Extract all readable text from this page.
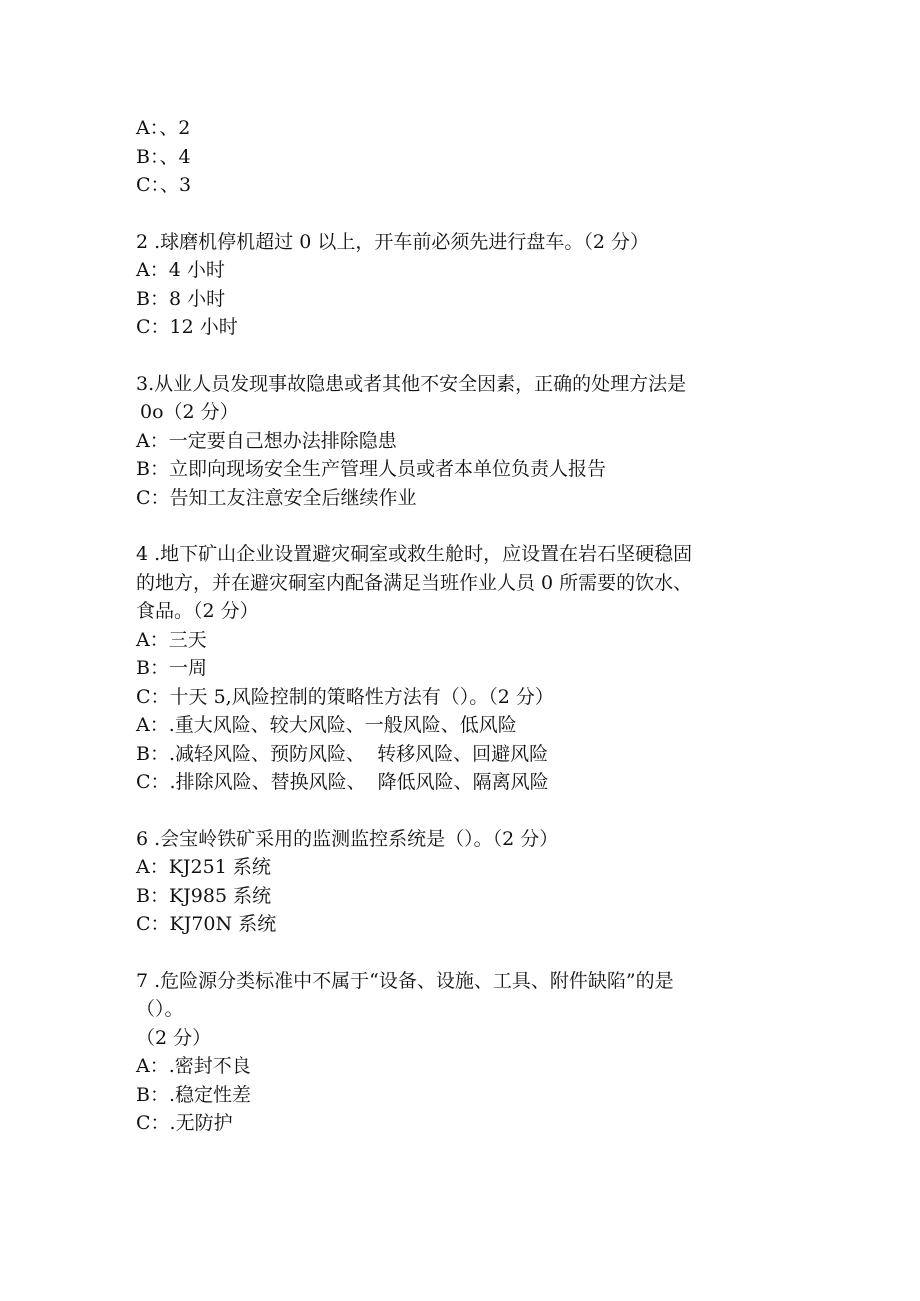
A：、2
B：、4
C：、3
2 .球磨机停机超过 0 以上，开车前必须先进行盘车。（2 分）
A：4 小时
B：8 小时
C：12 小时
3.从业人员发现事故隐患或者其他不安全因素，正确的处理方法是
0o（2 分）
A：一定要自己想办法排除隐患
B：立即向现场安全生产管理人员或者本单位负责人报告
C：告知工友注意安全后继续作业
4 .地下矿山企业设置避灾硐室或救生舱时，应设置在岩石坚硬稳固
的地方，并在避灾硐室内配备满足当班作业人员 0 所需要的饮水、
食品。（2 分）
A：三天
B：一周
C：十天 5,风险控制的策略性方法有（）。（2 分）
A：.重大风险、较大风险、一般风险、低风险
B：.减轻风险、预防风险、  转移风险、回避风险
C：.排除风险、替换风险、  降低风险、隔离风险
6 .会宝岭铁矿采用的监测监控系统是（）。（2 分）
A：KJ251 系统
B：KJ985 系统
C：KJ70N 系统
7 .危险源分类标准中不属于“设备、设施、工具、附件缺陷”的是
（）。
（2 分）
A：.密封不良
B：.稳定性差
C：.无防护
